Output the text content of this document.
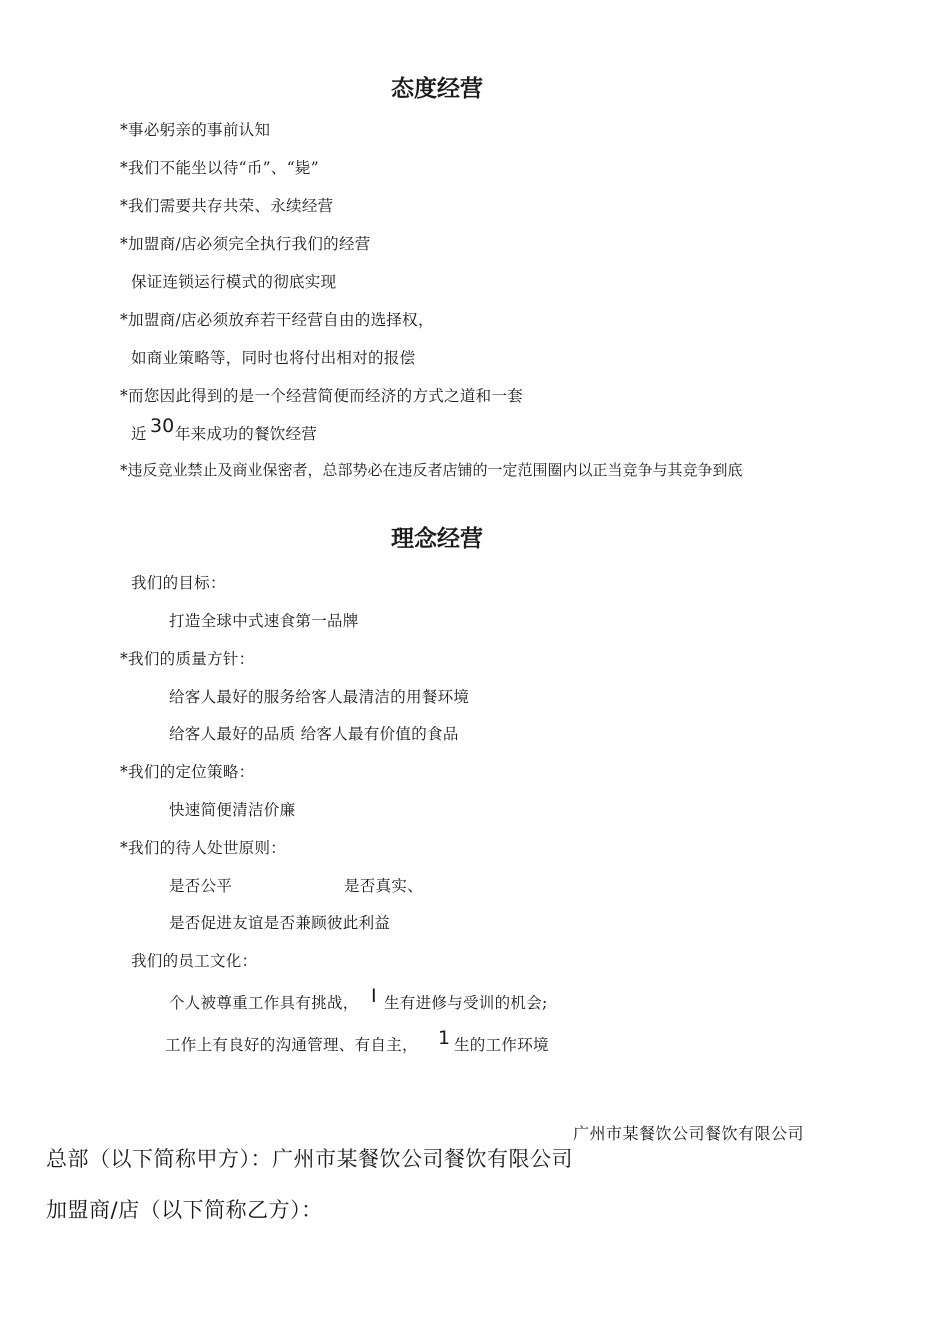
态度经营
*事必躬亲的事前认知
*我们不能坐以待“币”、“毙”
*我们需要共存共荣、永续经营
*加盟商/店必须完全执行我们的经营
保证连锁运行模式的彻底实现
*加盟商/店必须放弃若干经营自由的选择权，
如商业策略等，同时也将付出相对的报偿
*而您因此得到的是一个经营简便而经济的方式之道和一套
近 30 年来成功的餐饮经营
*违反竞业禁止及商业保密者，总部势必在违反者店铺的一定范围圈内以正当竞争与其竞争到底
理念经营
我们的目标：
打造全球中式速食第一品牌
*我们的质量方针：
给客人最好的服务给客人最清洁的用餐环境
给客人最好的品质 给客人最有价值的食品
*我们的定位策略：
快速简便清洁价廉
*我们的待人处世原则：
是否公平	是否真实、
是否促进友谊是否兼顾彼此利益
我们的员工文化：
个人被尊重工作具有挑战， I 生有进修与受训的机会;
工作上有良好的沟通管理、有自主， 1 生的工作环境
广州市某餐饮公司餐饮有限公司
总部（以下简称甲方）：广州市某餐饮公司餐饮有限公司
加盟商/店（以下简称乙方）：
